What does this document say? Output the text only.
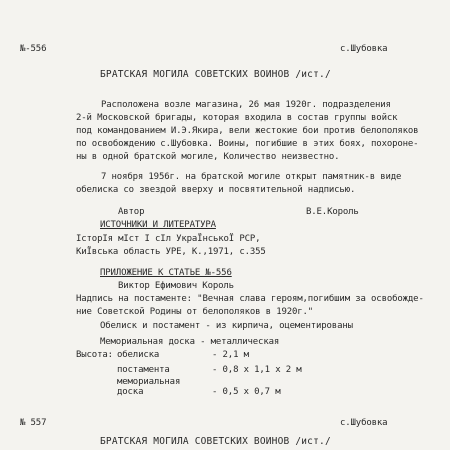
№-556	с.Шубовка
БРАТСКАЯ МОГИЛА СОВЕТСКИХ ВОИНОВ /ист./
Расположена возле магазина, 26 мая 1920г. подразделения
2-й Московской бригады, которая входила в состав группы войск
под командованием И.Э.Якира, вели жестокие бои против белополяков
по освобождению с.Шубовка. Воины, погибшие в этих боях, похороне-
ны в одной братской могиле, Количество неизвестно.
7 ноября 1956г. на братской могиле открыт памятник-в виде
обелиска со звездой вверху и посвятительной надписью.
Автор	В.Е.Король
ИСТОЧНИКИ И ЛИТЕРАТУРА
ІсторІя мІст І сІл УкраЇнськоЇ РСР,
КиЇвська область УРЕ, К.,1971, с.355
ПРИЛОЖЕНИЕ К СТАТЬЕ №-556
Виктор Ефимович Король
Надпись на постаменте: "Вечная слава героям,погибшим за освобожде-
ние Советской Родины от белополяков в 1920г."
Обелиск и постамент - из кирпича, оцементированы
Мемориальная доска - металлическая
Высота: обелиска	- 2,1 м
постамента	- 0,8 х 1,1 х 2 м
мемориальная доска	- 0,5 х 0,7 м
№ 557	с.Шубовка
БРАТСКАЯ МОГИЛА СОВЕТСКИХ ВОИНОВ /ист./
